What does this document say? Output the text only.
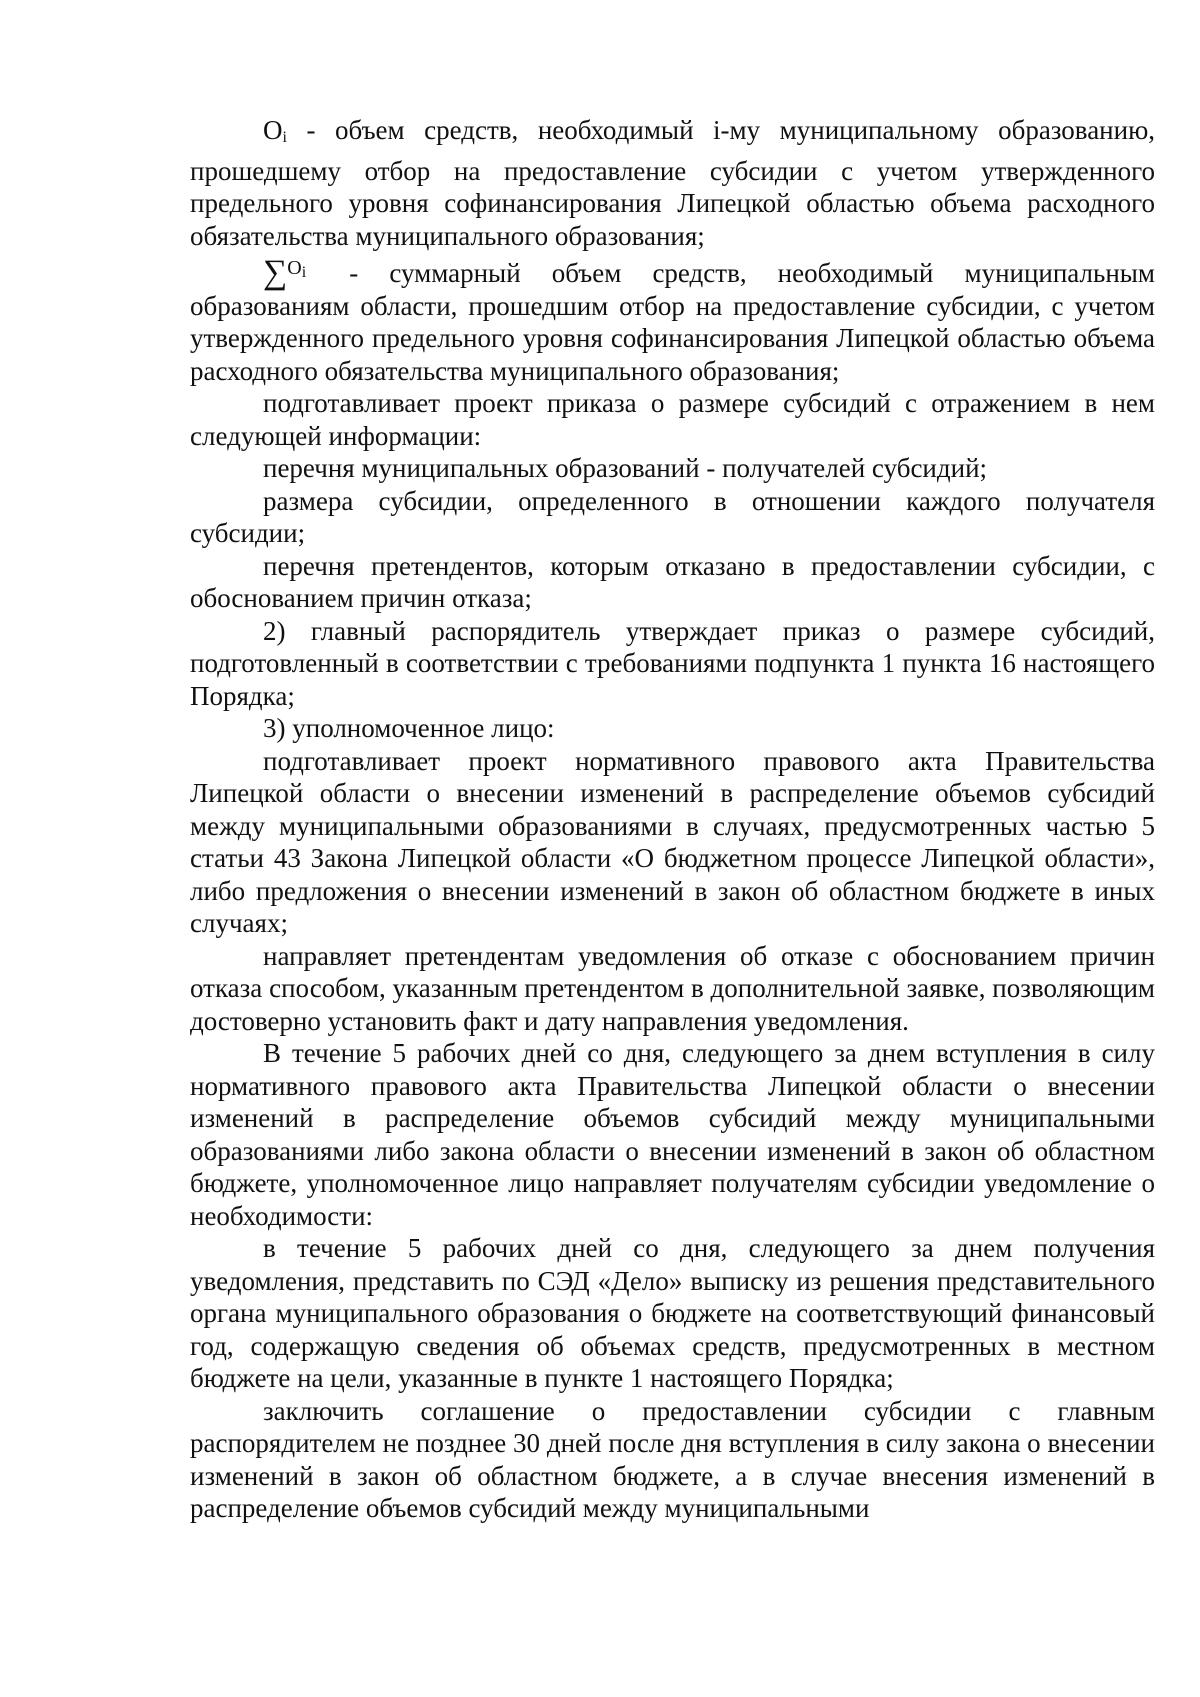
Oi - объем средств, необходимый i-му муниципальному образованию, прошедшему отбор на предоставление субсидии с учетом утвержденного предельного уровня софинансирования Липецкой областью объема расходного обязательства муниципального образования;

∑$^{Oi}$ - суммарный объем средств, необходимый муниципальным образованиям области, прошедшим отбор на предоставление субсидии, с учетом утвержденного предельного уровня софинансирования Липецкой областью объема расходного обязательства муниципального образования;

подготавливает проект приказа о размере субсидий с отражением в нем следующей информации:

перечня муниципальных образований - получателей субсидий;

размера субсидии, определенного в отношении каждого получателя субсидии;

перечня претендентов, которым отказано в предоставлении субсидии, с обоснованием причин отказа;

2) главный распорядитель утверждает приказ о размере субсидий, подготовленный в соответствии с требованиями подпункта 1 пункта 16 настоящего Порядка;

3) уполномоченное лицо:

подготавливает проект нормативного правового акта Правительства Липецкой области о внесении изменений в распределение объемов субсидий между муниципальными образованиями в случаях, предусмотренных частью 5 статьи 43 Закона Липецкой области «О бюджетном процессе Липецкой области», либо предложения о внесении изменений в закон об областном бюджете в иных случаях;

направляет претендентам уведомления об отказе с обоснованием причин отказа способом, указанным претендентом в дополнительной заявке, позволяющим достоверно установить факт и дату направления уведомления.

В течение 5 рабочих дней со дня, следующего за днем вступления в силу нормативного правового акта Правительства Липецкой области о внесении изменений в распределение объемов субсидий между муниципальными образованиями либо закона области о внесении изменений в закон об областном бюджете, уполномоченное лицо направляет получателям субсидии уведомление о необходимости:

в течение 5 рабочих дней со дня, следующего за днем получения уведомления, представить по СЭД «Дело» выписку из решения представительного органа муниципального образования о бюджете на соответствующий финансовый год, содержащую сведения об объемах средств, предусмотренных в местном бюджете на цели, указанные в пункте 1 настоящего Порядка;

заключить соглашение о предоставлении субсидии с главным распорядителем не позднее 30 дней после дня вступления в силу закона о внесении изменений в закон об областном бюджете, а в случае внесения изменений в распределение объемов субсидий между муниципальными
